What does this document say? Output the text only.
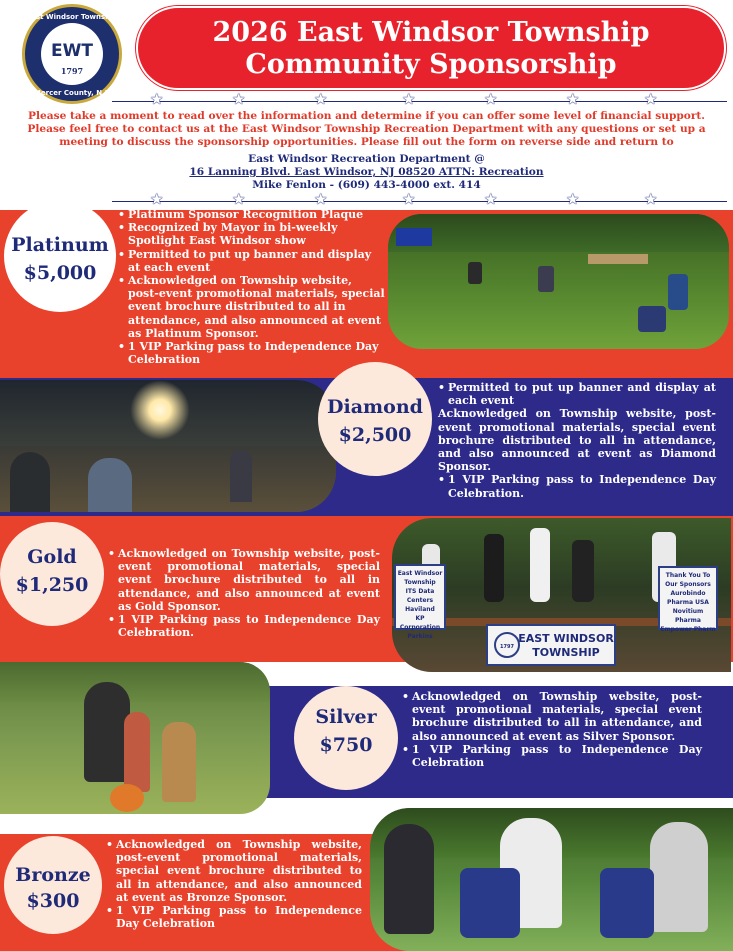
East Windsor Township
EWT
1797
Mercer County, N.J.
2026 East Windsor Township
Community Sponsorship
★	★	★	★	★	★	★
Please take a moment to read over the information and determine if you can offer some level of financial support.
Please feel free to contact us at the East Windsor Township Recreation Department with any questions or set up a
meeting to discuss the sponsorship opportunities. Please fill out the form on reverse side and return to
East Windsor Recreation Department @
16 Lanning Blvd. East Windsor, NJ 08520 ATTN: Recreation
Mike Fenlon - (609) 443-4000 ext. 414
★	★	★	★	★	★	★
Platinum
$5,000
• Platinum Sponsor Recognition Plaque
• Recognized by Mayor in bi-weekly Spotlight East Windsor show
• Permitted to put up banner and display at each event
• Acknowledged on Township website, post-event promotional materials, special event brochure distributed to all in attendance, and also announced at event as Platinum Sponsor.
• 1 VIP Parking pass to Independence Day Celebration
Diamond
$2,500
• Permitted to put up banner and display at each event
Acknowledged on Township website, post-event promotional materials, special event brochure distributed to all in attendance, and also announced at event as Diamond Sponsor.
• 1 VIP Parking pass to Independence Day Celebration.
Gold
$1,250
• Acknowledged on Township website, post-event promotional materials, special event brochure distributed to all in attendance, and also announced at event as Gold Sponsor.
• 1 VIP Parking pass to Independence Day Celebration.
East Windsor Township
ITS Data Centers
Haviland
KP Corporation
Parkins
Thank You To Our Sponsors
Aurobindo Pharma USA
Novitium Pharma
Empower Pharm
1797
EAST WINDSOR
TOWNSHIP
Silver
$750
• Acknowledged on Township website, post-event promotional materials, special event brochure distributed to all in attendance, and also announced at event as Silver Sponsor.
• 1 VIP Parking pass to Independence Day Celebration
Bronze
$300
• Acknowledged on Township website, post-event promotional materials, special event brochure distributed to all in attendance, and also announced at event as Bronze Sponsor.
• 1 VIP Parking pass to Independence Day Celebration
